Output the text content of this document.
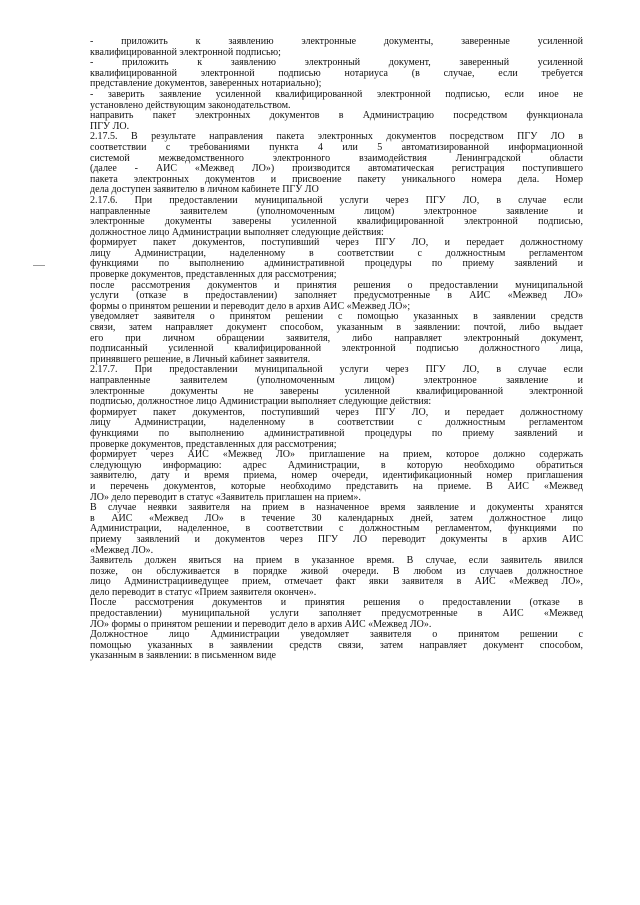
- приложить к заявлению электронные документы, заверенные усиленной
квалифицированной электронной подписью;
- приложить к заявлению электронный документ, заверенный усиленной
квалифицированной электронной подписью нотариуса (в случае, если требуется
представление документов, заверенных нотариально);
- заверить заявление усиленной квалифицированной электронной подписью, если иное не
установлено действующим законодательством.
направить пакет электронных документов в Администрацию посредством функционала
ПГУ ЛО.
2.17.5. В результате направления пакета электронных документов посредством ПГУ ЛО в
соответствии с требованиями пункта 4 или 5 автоматизированной информационной
системой межведомственного электронного взаимодействия Ленинградской области
(далее - АИС «Межвед ЛО») производится автоматическая регистрация поступившего
пакета электронных документов и присвоение пакету уникального номера дела. Номер
дела доступен заявителю в личном кабинете ПГУ ЛО
2.17.6. При предоставлении муниципальной услуги через ПГУ ЛО, в случае если
направленные заявителем (уполномоченным лицом) электронное заявление и
электронные документы заверены усиленной квалифицированной электронной подписью,
должностное лицо Администрации выполняет следующие действия:
формирует пакет документов, поступивший через ПГУ ЛО, и передает должностному
лицу Администрации, наделенному в соответствии с должностным регламентом
функциями по выполнению административной процедуры по приему заявлений и
проверке документов, представленных для рассмотрения;
после рассмотрения документов и принятия решения о предоставлении муниципальной
услуги (отказе в предоставлении) заполняет предусмотренные в АИС «Межвед ЛО»
формы о принятом решении и переводит дело в архив АИС «Межвед ЛО»;
уведомляет заявителя о принятом решении с помощью указанных в заявлении средств
связи, затем направляет документ способом, указанным в заявлении: почтой, либо выдает
его при личном обращении заявителя, либо направляет электронный документ,
подписанный усиленной квалифицированной электронной подписью должностного лица,
принявшего решение, в Личный кабинет заявителя.
2.17.7. При предоставлении муниципальной услуги через ПГУ ЛО, в случае если
направленные заявителем (уполномоченным лицом) электронное заявление и
электронные документы не заверены усиленной квалифицированной электронной
подписью, должностное лицо Администрации выполняет следующие действия:
формирует пакет документов, поступивший через ПГУ ЛО, и передает должностному
лицу Администрации, наделенному в соответствии с должностным регламентом
функциями по выполнению административной процедуры по приему заявлений и
проверке документов, представленных для рассмотрения;
формирует через АИС «Межвед ЛО» приглашение на прием, которое должно содержать
следующую информацию: адрес Администрации, в которую необходимо обратиться
заявителю, дату и время приема, номер очереди, идентификационный номер приглашения
и перечень документов, которые необходимо представить на приеме. В АИС «Межвед
ЛО» дело переводит в статус «Заявитель приглашен на прием».
В случае неявки заявителя на прием в назначенное время заявление и документы хранятся
в АИС «Межвед ЛО» в течение 30 календарных дней, затем должностное лицо
Администрации, наделенное, в соответствии с должностным регламентом, функциями по
приему заявлений и документов через ПГУ ЛО переводит документы в архив АИС
«Межвед ЛО».
Заявитель должен явиться на прием в указанное время. В случае, если заявитель явился
позже, он обслуживается в порядке живой очереди. В любом из случаев должностное
лицо Администрацииведущее прием, отмечает факт явки заявителя в АИС «Межвед ЛО»,
дело переводит в статус «Прием заявителя окончен».
После рассмотрения документов и принятия решения о предоставлении (отказе в
предоставлении) муниципальной услуги заполняет предусмотренные в АИС «Межвед
ЛО» формы о принятом решении и переводит дело в архив АИС «Межвед ЛО».
Должностное лицо Администрации уведомляет заявителя о принятом решении с
помощью указанных в заявлении средств связи, затем направляет документ способом,
указанным в заявлении: в письменном виде
